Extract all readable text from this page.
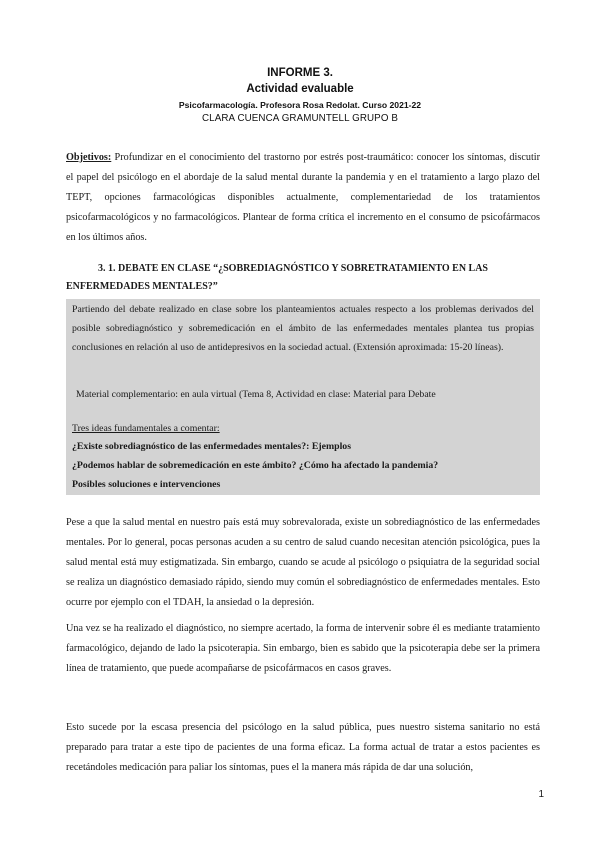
INFORME 3.
Actividad evaluable
Psicofarmacología. Profesora Rosa Redolat. Curso 2021-22
CLARA CUENCA GRAMUNTELL GRUPO B

Objetivos: Profundizar en el conocimiento del trastorno por estrés post-traumático: conocer los síntomas, discutir el papel del psicólogo en el abordaje de la salud mental durante la pandemia y en el tratamiento a largo plazo del TEPT, opciones farmacológicas disponibles actualmente, complementariedad de los tratamientos psicofarmacológicos y no farmacológicos. Plantear de forma crítica el incremento en el consumo de psicofármacos en los últimos años.

3. 1. DEBATE EN CLASE “¿SOBREDIAGNÓSTICO Y SOBRETRATAMIENTO EN LAS
ENFERMEDADES MENTALES?”

Partiendo del debate realizado en clase sobre los planteamientos actuales respecto a los problemas derivados del posible sobrediagnóstico y sobremedicación en el ámbito de las enfermedades mentales plantea tus propias conclusiones en relación al uso de antidepresivos en la sociedad actual. (Extensión aproximada: 15-20 líneas).

Material complementario: en aula virtual (Tema 8, Actividad en clase: Material para Debate
Tres ideas fundamentales a comentar:
¿Existe sobrediagnóstico de las enfermedades mentales?: Ejemplos
¿Podemos hablar de sobremedicación en este ámbito? ¿Cómo ha afectado la pandemia?
Posibles soluciones e intervenciones

Pese a que la salud mental en nuestro país está muy sobrevalorada, existe un sobrediagnóstico de las enfermedades mentales. Por lo general, pocas personas acuden a su centro de salud cuando necesitan atención psicológica, pues la salud mental está muy estigmatizada. Sin embargo, cuando se acude al psicólogo o psiquiatra de la seguridad social se realiza un diagnóstico demasiado rápido, siendo muy común el sobrediagnóstico de enfermedades mentales. Esto ocurre por ejemplo con el TDAH, la ansiedad o la depresión.

Una vez se ha realizado el diagnóstico, no siempre acertado, la forma de intervenir sobre él es mediante tratamiento farmacológico, dejando de lado la psicoterapia. Sin embargo, bien es sabido que la psicoterapia debe ser la primera línea de tratamiento, que puede acompañarse de psicofármacos en casos graves.

Esto sucede por la escasa presencia del psicólogo en la salud pública, pues nuestro sistema sanitario no está preparado para tratar a este tipo de pacientes de una forma eficaz. La forma actual de tratar a estos pacientes es recetándoles medicación para paliar los síntomas, pues el la manera más rápida de dar una solución,

1
